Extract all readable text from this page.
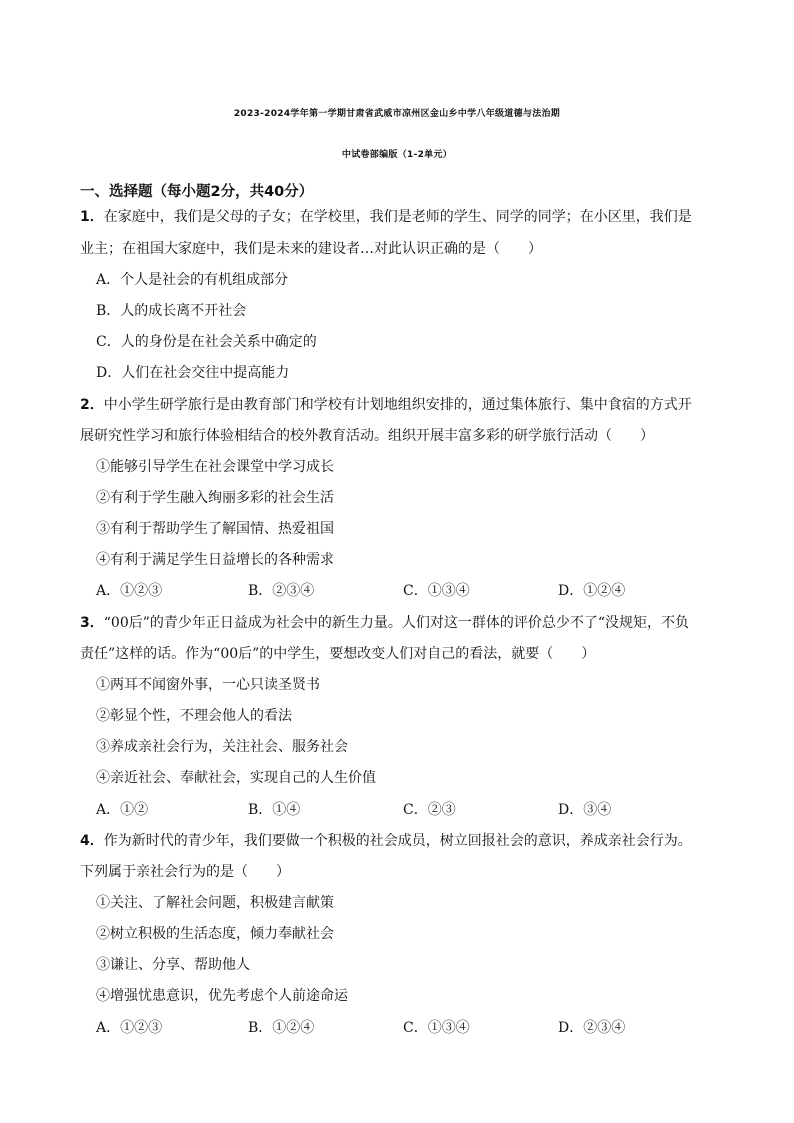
2023-2024学年第一学期甘肃省武威市凉州区金山乡中学八年级道德与法治期
中试卷部编版（1-2单元）
一、选择题（每小题2分，共40分）
1．在家庭中，我们是父母的子女；在学校里，我们是老师的学生、同学的同学；在小区里，我们是
业主；在祖国大家庭中，我们是未来的建设者…对此认识正确的是（　　）
A．个人是社会的有机组成部分
B．人的成长离不开社会
C．人的身份是在社会关系中确定的
D．人们在社会交往中提高能力
2．中小学生研学旅行是由教育部门和学校有计划地组织安排的，通过集体旅行、集中食宿的方式开
展研究性学习和旅行体验相结合的校外教育活动。组织开展丰富多彩的研学旅行活动（　　）
①能够引导学生在社会课堂中学习成长
②有利于学生融入绚丽多彩的社会生活
③有利于帮助学生了解国情、热爱祖国
④有利于满足学生日益增长的各种需求
A．①②③	B．②③④	C．①③④	D．①②④
3．“00后”的青少年正日益成为社会中的新生力量。人们对这一群体的评价总少不了“没规矩，不负
责任”这样的话。作为“00后”的中学生，要想改变人们对自己的看法，就要（　　）
①两耳不闻窗外事，一心只读圣贤书
②彰显个性，不理会他人的看法
③养成亲社会行为，关注社会、服务社会
④亲近社会、奉献社会，实现自己的人生价值
A．①②	B．①④	C．②③	D．③④
4．作为新时代的青少年，我们要做一个积极的社会成员，树立回报社会的意识，养成亲社会行为。
下列属于亲社会行为的是（　　）
①关注、了解社会问题，积极建言献策
②树立积极的生活态度，倾力奉献社会
③谦让、分享、帮助他人
④增强忧患意识，优先考虑个人前途命运
A．①②③	B．①②④	C．①③④	D．②③④
